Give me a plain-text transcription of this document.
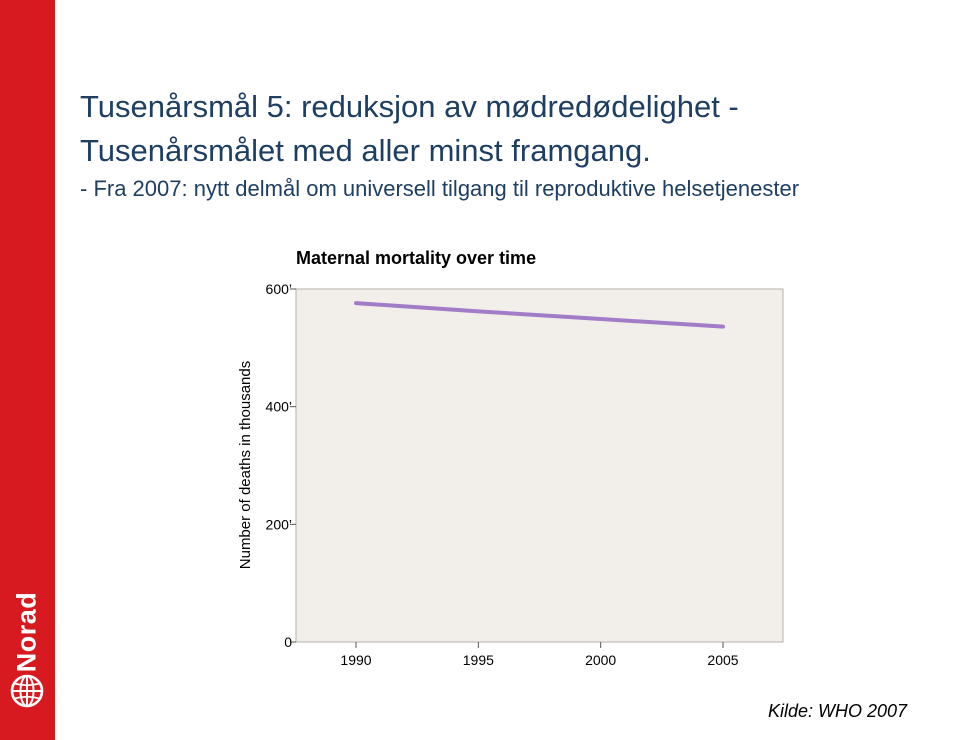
Norad
Tusenårsmål 5: reduksjon av mødredødelighet - Tusenårsmålet med aller minst framgang.

- Fra 2007: nytt delmål om universell tilgang til reproduktive helsetjenester

Maternal mortality over time
Number of deaths in thousands
0
200’
400’
600’
1990	1995	2000	2005

Kilde: WHO 2007
